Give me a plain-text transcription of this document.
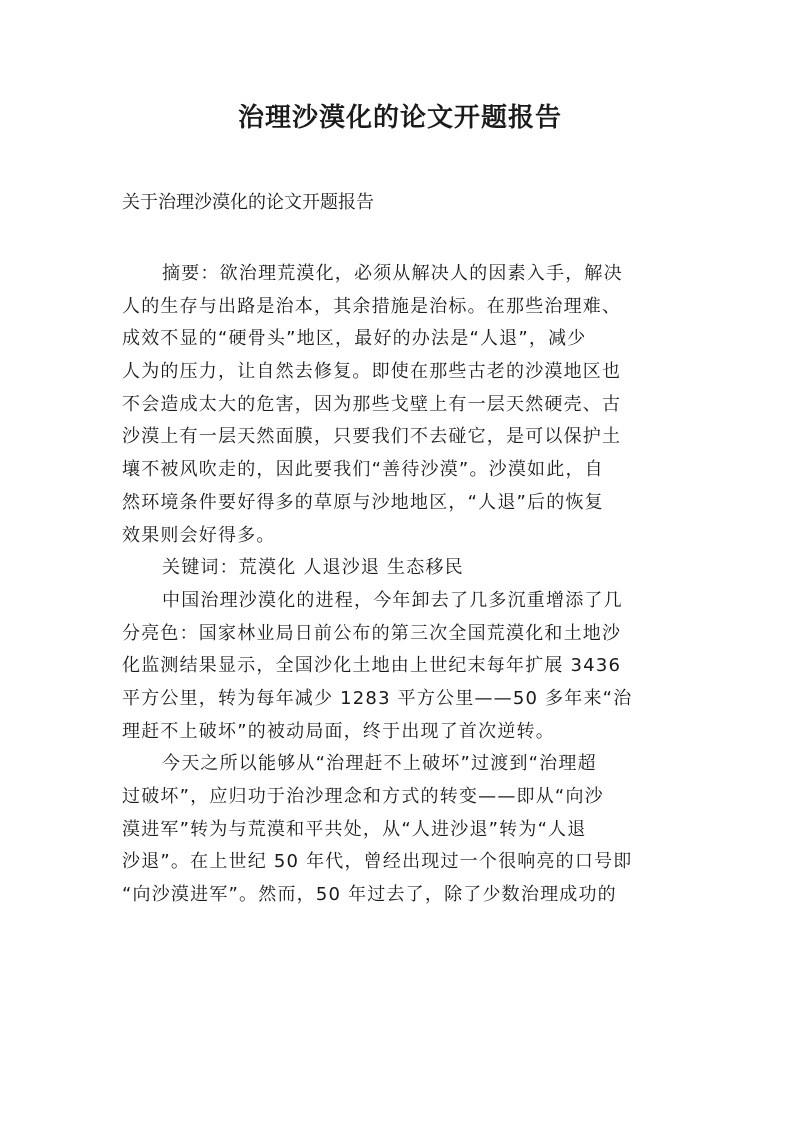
治理沙漠化的论文开题报告

关于治理沙漠化的论文开题报告

摘要：欲治理荒漠化，必须从解决人的因素入手，解决
人的生存与出路是治本，其余措施是治标。在那些治理难、
成效不显的“硬骨头”地区，最好的办法是“人退”，减少
人为的压力，让自然去修复。即使在那些古老的沙漠地区也
不会造成太大的危害，因为那些戈壁上有一层天然硬壳、古
沙漠上有一层天然面膜，只要我们不去碰它，是可以保护土
壤不被风吹走的，因此要我们“善待沙漠”。沙漠如此，自
然环境条件要好得多的草原与沙地地区，“人退”后的恢复
效果则会好得多。
关键词：荒漠化 人退沙退 生态移民
中国治理沙漠化的进程，今年卸去了几多沉重增添了几
分亮色：国家林业局日前公布的第三次全国荒漠化和土地沙
化监测结果显示，全国沙化土地由上世纪末每年扩展 3436
平方公里，转为每年减少 1283 平方公里——50 多年来“治
理赶不上破坏”的被动局面，终于出现了首次逆转。
今天之所以能够从“治理赶不上破坏”过渡到“治理超
过破坏”，应归功于治沙理念和方式的转变——即从“向沙
漠进军”转为与荒漠和平共处，从“人进沙退”转为“人退
沙退”。在上世纪 50 年代，曾经出现过一个很响亮的口号即
“向沙漠进军”。然而，50 年过去了，除了少数治理成功的
